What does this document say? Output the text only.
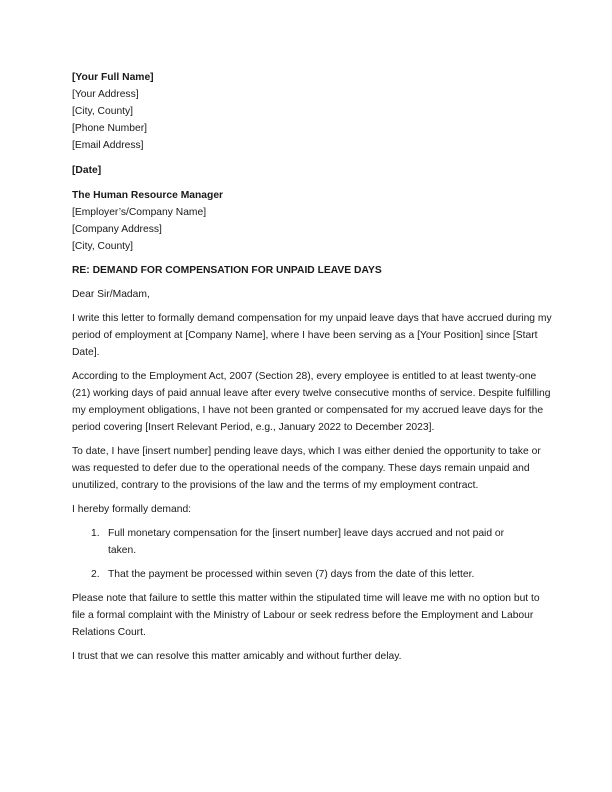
[Your Full Name]
[Your Address]
[City, County]
[Phone Number]
[Email Address]
[Date]
The Human Resource Manager
[Employer’s/Company Name]
[Company Address]
[City, County]
RE: DEMAND FOR COMPENSATION FOR UNPAID LEAVE DAYS
Dear Sir/Madam,

I write this letter to formally demand compensation for my unpaid leave days that have accrued during my period of employment at [Company Name], where I have been serving as a [Your Position] since [Start Date].

According to the Employment Act, 2007 (Section 28), every employee is entitled to at least twenty-one (21) working days of paid annual leave after every twelve consecutive months of service. Despite fulfilling my employment obligations, I have not been granted or compensated for my accrued leave days for the period covering [Insert Relevant Period, e.g., January 2022 to December 2023].

To date, I have [insert number] pending leave days, which I was either denied the opportunity to take or was requested to defer due to the operational needs of the company. These days remain unpaid and unutilized, contrary to the provisions of the law and the terms of my employment contract.

I hereby formally demand:

1. Full monetary compensation for the [insert number] leave days accrued and not paid or taken.
2. That the payment be processed within seven (7) days from the date of this letter.

Please note that failure to settle this matter within the stipulated time will leave me with no option but to file a formal complaint with the Ministry of Labour or seek redress before the Employment and Labour Relations Court.

I trust that we can resolve this matter amicably and without further delay.
